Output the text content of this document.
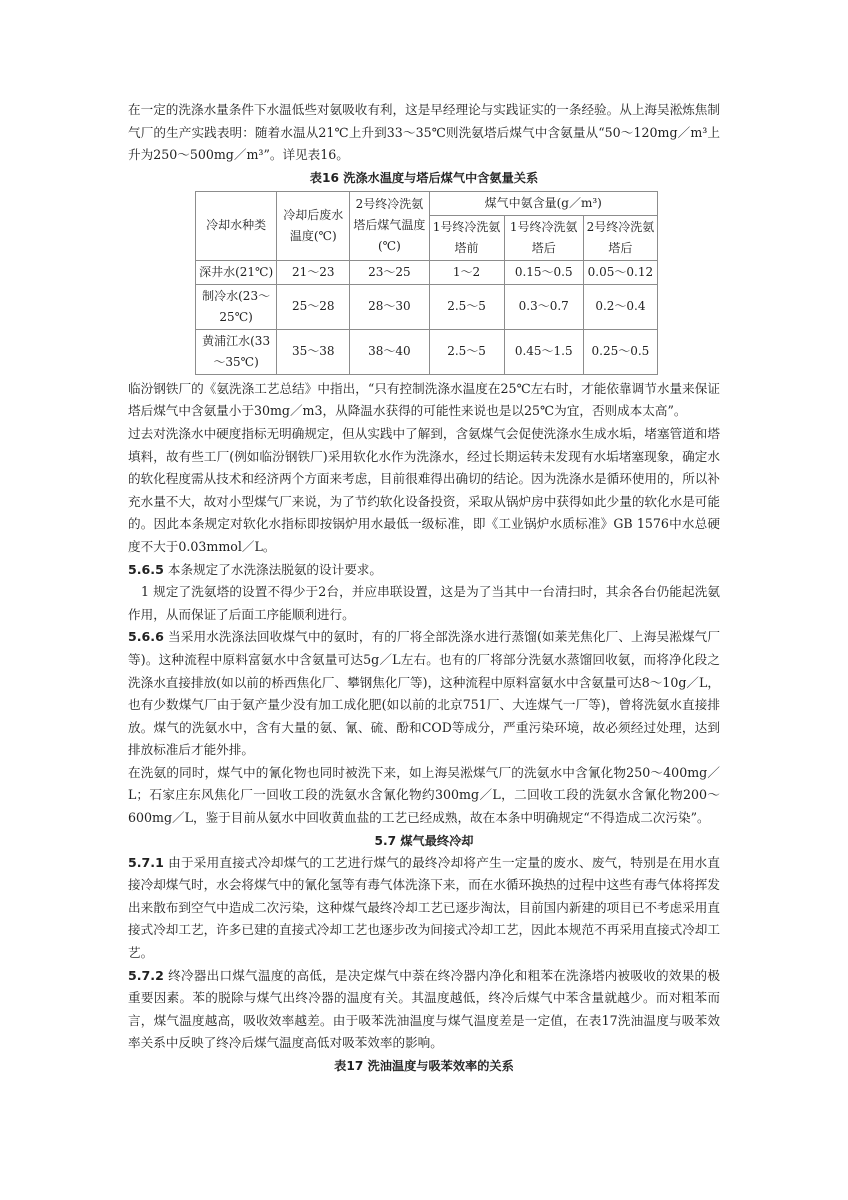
在一定的洗涤水量条件下水温低些对氨吸收有利，这是早经理论与实践证实的一条经验。从上海吴淞炼焦制气厂的生产实践表明：随着水温从21℃上升到33～35℃则洗氨塔后煤气中含氨量从“50～120mg／m³上升为250～500mg／m³”。详见表16。

表16 洗涤水温度与塔后煤气中含氨量关系

冷却水种类	冷却后废水温度(℃)	2号终冷洗氨塔后煤气温度(℃)	煤气中氨含量(g／m³)		
			1号终冷洗氨塔前	1号终冷洗氨塔后	2号终冷洗氨塔后
深井水(21℃)	21～23	23～25	1～2	0.15～0.5	0.05～0.12
制冷水(23～25℃)	25～28	28～30	2.5～5	0.3～0.7	0.2～0.4
黄浦江水(33～35℃)	35～38	38～40	2.5～5	0.45～1.5	0.25～0.5

临汾钢铁厂的《氨洗涤工艺总结》中指出，“只有控制洗涤水温度在25℃左右时，才能依靠调节水量来保证塔后煤气中含氨量小于30mg／m3，从降温水获得的可能性来说也是以25℃为宜，否则成本太高”。

过去对洗涤水中硬度指标无明确规定，但从实践中了解到，含氨煤气会促使洗涤水生成水垢，堵塞管道和塔填料，故有些工厂(例如临汾钢铁厂)采用软化水作为洗涤水，经过长期运转未发现有水垢堵塞现象，确定水的软化程度需从技术和经济两个方面来考虑，目前很难得出确切的结论。因为洗涤水是循环使用的，所以补充水量不大，故对小型煤气厂来说，为了节约软化设备投资，采取从锅炉房中获得如此少量的软化水是可能的。因此本条规定对软化水指标即按锅炉用水最低一级标准，即《工业锅炉水质标准》GB 1576中水总硬度不大于0.03mmol／L。

5.6.5 本条规定了水洗涤法脱氨的设计要求。

1 规定了洗氨塔的设置不得少于2台，并应串联设置，这是为了当其中一台清扫时，其余各台仍能起洗氨作用，从而保证了后面工序能顺利进行。

5.6.6 当采用水洗涤法回收煤气中的氨时，有的厂将全部洗涤水进行蒸馏(如莱芜焦化厂、上海吴淞煤气厂等)。这种流程中原料富氨水中含氨量可达5g／L左右。也有的厂将部分洗氨水蒸馏回收氨，而将净化段之洗涤水直接排放(如以前的桥西焦化厂、攀钢焦化厂等)，这种流程中原料富氨水中含氨量可达8～10g／L，也有少数煤气厂由于氨产量少没有加工成化肥(如以前的北京751厂、大连煤气一厂等)，曾将洗氨水直接排放。煤气的洗氨水中，含有大量的氨、氰、硫、酚和COD等成分，严重污染环境，故必须经过处理，达到排放标准后才能外排。

在洗氨的同时，煤气中的氰化物也同时被洗下来，如上海吴淞煤气厂的洗氨水中含氰化物250～400mg／L；石家庄东风焦化厂一回收工段的洗氨水含氰化物约300mg／L，二回收工段的洗氨水含氰化物200～600mg／L，鉴于目前从氨水中回收黄血盐的工艺已经成熟，故在本条中明确规定“不得造成二次污染”。

5.7 煤气最终冷却

5.7.1 由于采用直接式冷却煤气的工艺进行煤气的最终冷却将产生一定量的废水、废气，特别是在用水直接冷却煤气时，水会将煤气中的氰化氢等有毒气体洗涤下来，而在水循环换热的过程中这些有毒气体将挥发出来散布到空气中造成二次污染，这种煤气最终冷却工艺已逐步淘汰，目前国内新建的项目已不考虑采用直接式冷却工艺，许多已建的直接式冷却工艺也逐步改为间接式冷却工艺，因此本规范不再采用直接式冷却工艺。

5.7.2 终冷器出口煤气温度的高低，是决定煤气中萘在终冷器内净化和粗苯在洗涤塔内被吸收的效果的极重要因素。苯的脱除与煤气出终冷器的温度有关。其温度越低，终冷后煤气中苯含量就越少。而对粗苯而言，煤气温度越高，吸收效率越差。由于吸苯洗油温度与煤气温度差是一定值，在表17洗油温度与吸苯效率关系中反映了终冷后煤气温度高低对吸苯效率的影响。

表17 洗油温度与吸苯效率的关系
